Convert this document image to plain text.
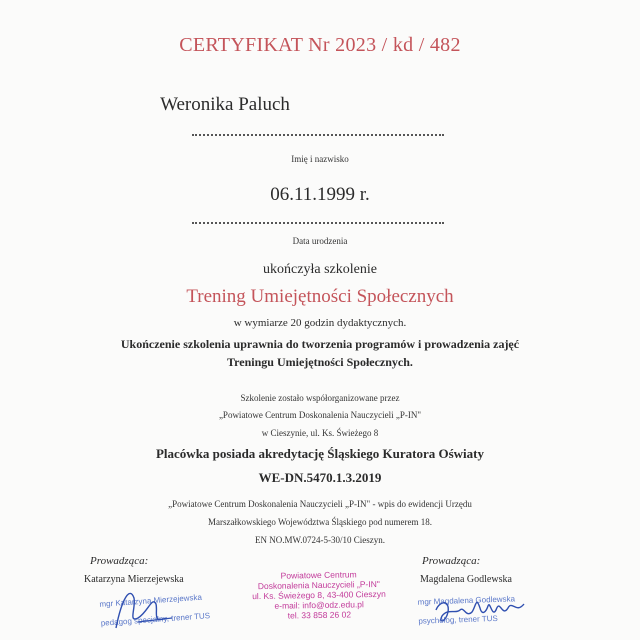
CERTYFIKAT Nr 2023 / kd / 482
Weronika Paluch
Imię i nazwisko
06.11.1999 r.
Data urodzenia
ukończyła szkolenie
Trening Umiejętności Społecznych
w wymiarze 20 godzin dydaktycznych.
Ukończenie szkolenia uprawnia do tworzenia programów i prowadzenia zajęć
Treningu Umiejętności Społecznych.
Szkolenie zostało współorganizowane przez
„Powiatowe Centrum Doskonalenia Nauczycieli „P-IN"
w Cieszynie, ul. Ks. Świeżego 8
Placówka posiada akredytację Śląskiego Kuratora Oświaty
WE-DN.5470.1.3.2019
„Powiatowe Centrum Doskonalenia Nauczycieli „P-IN" - wpis do ewidencji Urzędu
Marszałkowskiego Województwa Śląskiego pod numerem 18.
EN NO.MW.0724-5-30/10 Cieszyn.
Prowadząca:
Katarzyna Mierzejewska
mgr Katarzyna Mierzejewska
pedagog specjalny, trener TUS
Powiatowe Centrum
Doskonalenia Nauczycieli „P-IN"
ul. Ks. Świeżego 8, 43-400 Cieszyn
e-mail: info@odz.edu.pl
tel. 33 858 26 02
Prowadząca:
Magdalena Godlewska
mgr Magdalena Godlewska
psycholog, trener TUS
